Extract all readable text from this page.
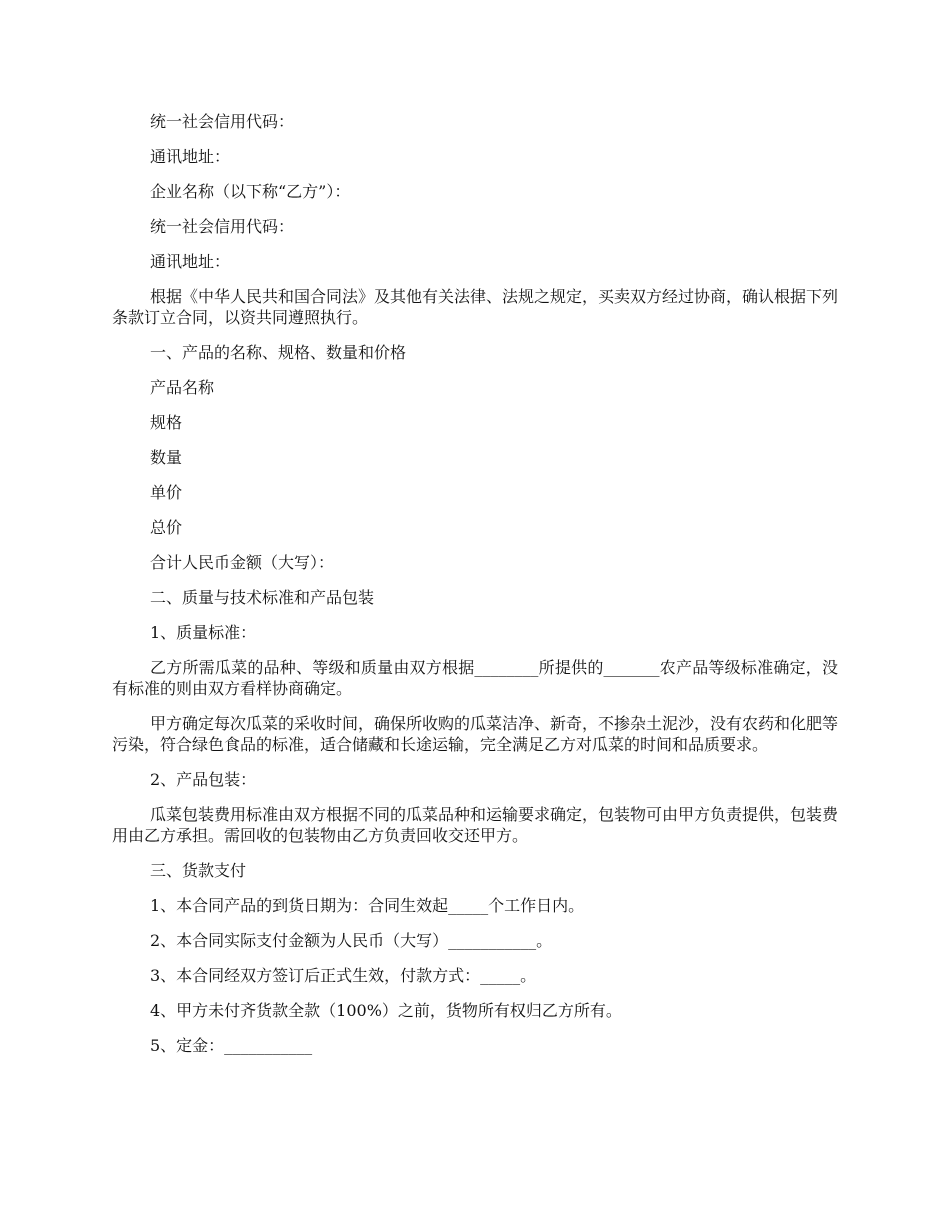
统一社会信用代码：

通讯地址：

企业名称（以下称“乙方”）：

统一社会信用代码：

通讯地址：

根据《中华人民共和国合同法》及其他有关法律、法规之规定，买卖双方经过协商，确认根据下列条款订立合同，以资共同遵照执行。

一、产品的名称、规格、数量和价格

产品名称

规格

数量

单价

总价

合计人民币金额（大写）：

二、质量与技术标准和产品包装

1、质量标准：

乙方所需瓜菜的品种、等级和质量由双方根据________所提供的_______农产品等级标准确定，没有标准的则由双方看样协商确定。

甲方确定每次瓜菜的采收时间，确保所收购的瓜菜洁净、新奇，不掺杂土泥沙，没有农药和化肥等污染，符合绿色食品的标准，适合储藏和长途运输，完全满足乙方对瓜菜的时间和品质要求。

2、产品包装：

瓜菜包装费用标准由双方根据不同的瓜菜品种和运输要求确定，包装物可由甲方负责提供，包装费用由乙方承担。需回收的包装物由乙方负责回收交还甲方。

三、货款支付

1、本合同产品的到货日期为：合同生效起_____个工作日内。

2、本合同实际支付金额为人民币（大写）___________。

3、本合同经双方签订后正式生效，付款方式：_____。

4、甲方未付齐货款全款（100%）之前，货物所有权归乙方所有。

5、定金：___________
